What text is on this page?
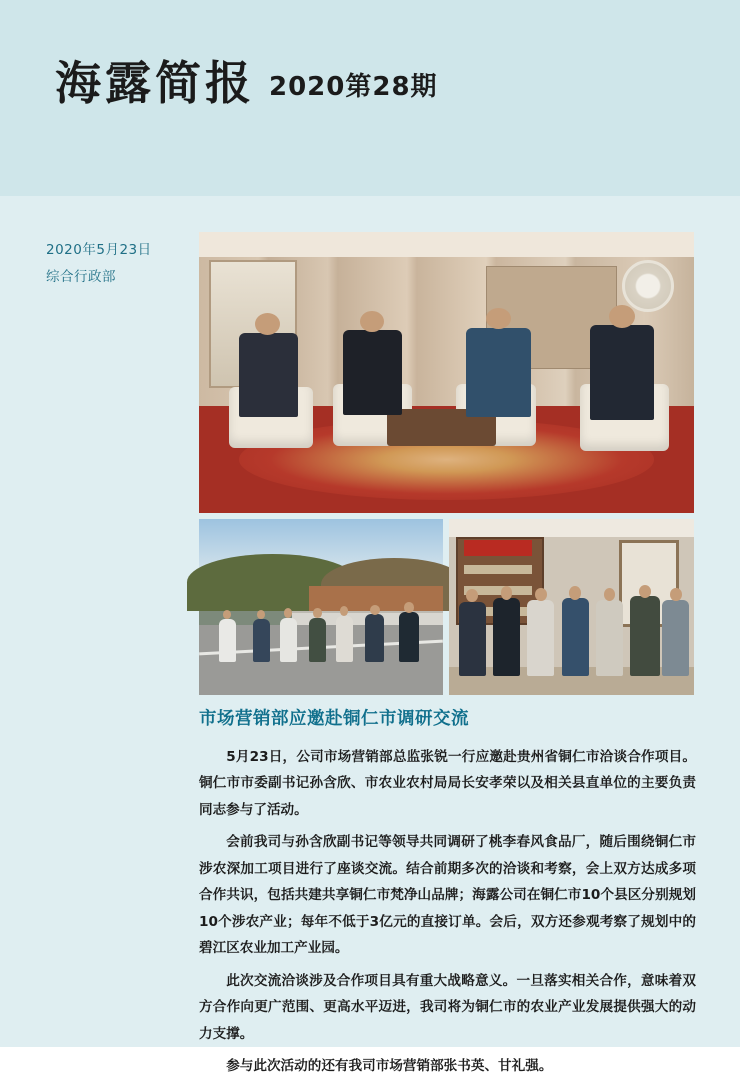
海露简报 2020第28期
2020年5月23日
综合行政部
市场营销部应邀赴铜仁市调研交流

5月23日，公司市场营销部总监张锐一行应邀赴贵州省铜仁市洽谈合作项目。铜仁市市委副书记孙含欣、市农业农村局局长安孝荣以及相关县直单位的主要负责同志参与了活动。

会前我司与孙含欣副书记等领导共同调研了桃李春风食品厂，随后围绕铜仁市涉农深加工项目进行了座谈交流。结合前期多次的洽谈和考察，会上双方达成多项合作共识，包括共建共享铜仁市梵净山品牌；海露公司在铜仁市10个县区分别规划10个涉农产业；每年不低于3亿元的直接订单。会后，双方还参观考察了规划中的碧江区农业加工产业园。

此次交流洽谈涉及合作项目具有重大战略意义。一旦落实相关合作，意味着双方合作向更广范围、更高水平迈进，我司将为铜仁市的农业产业发展提供强大的动力支撑。

参与此次活动的还有我司市场营销部张书英、甘礼强。
